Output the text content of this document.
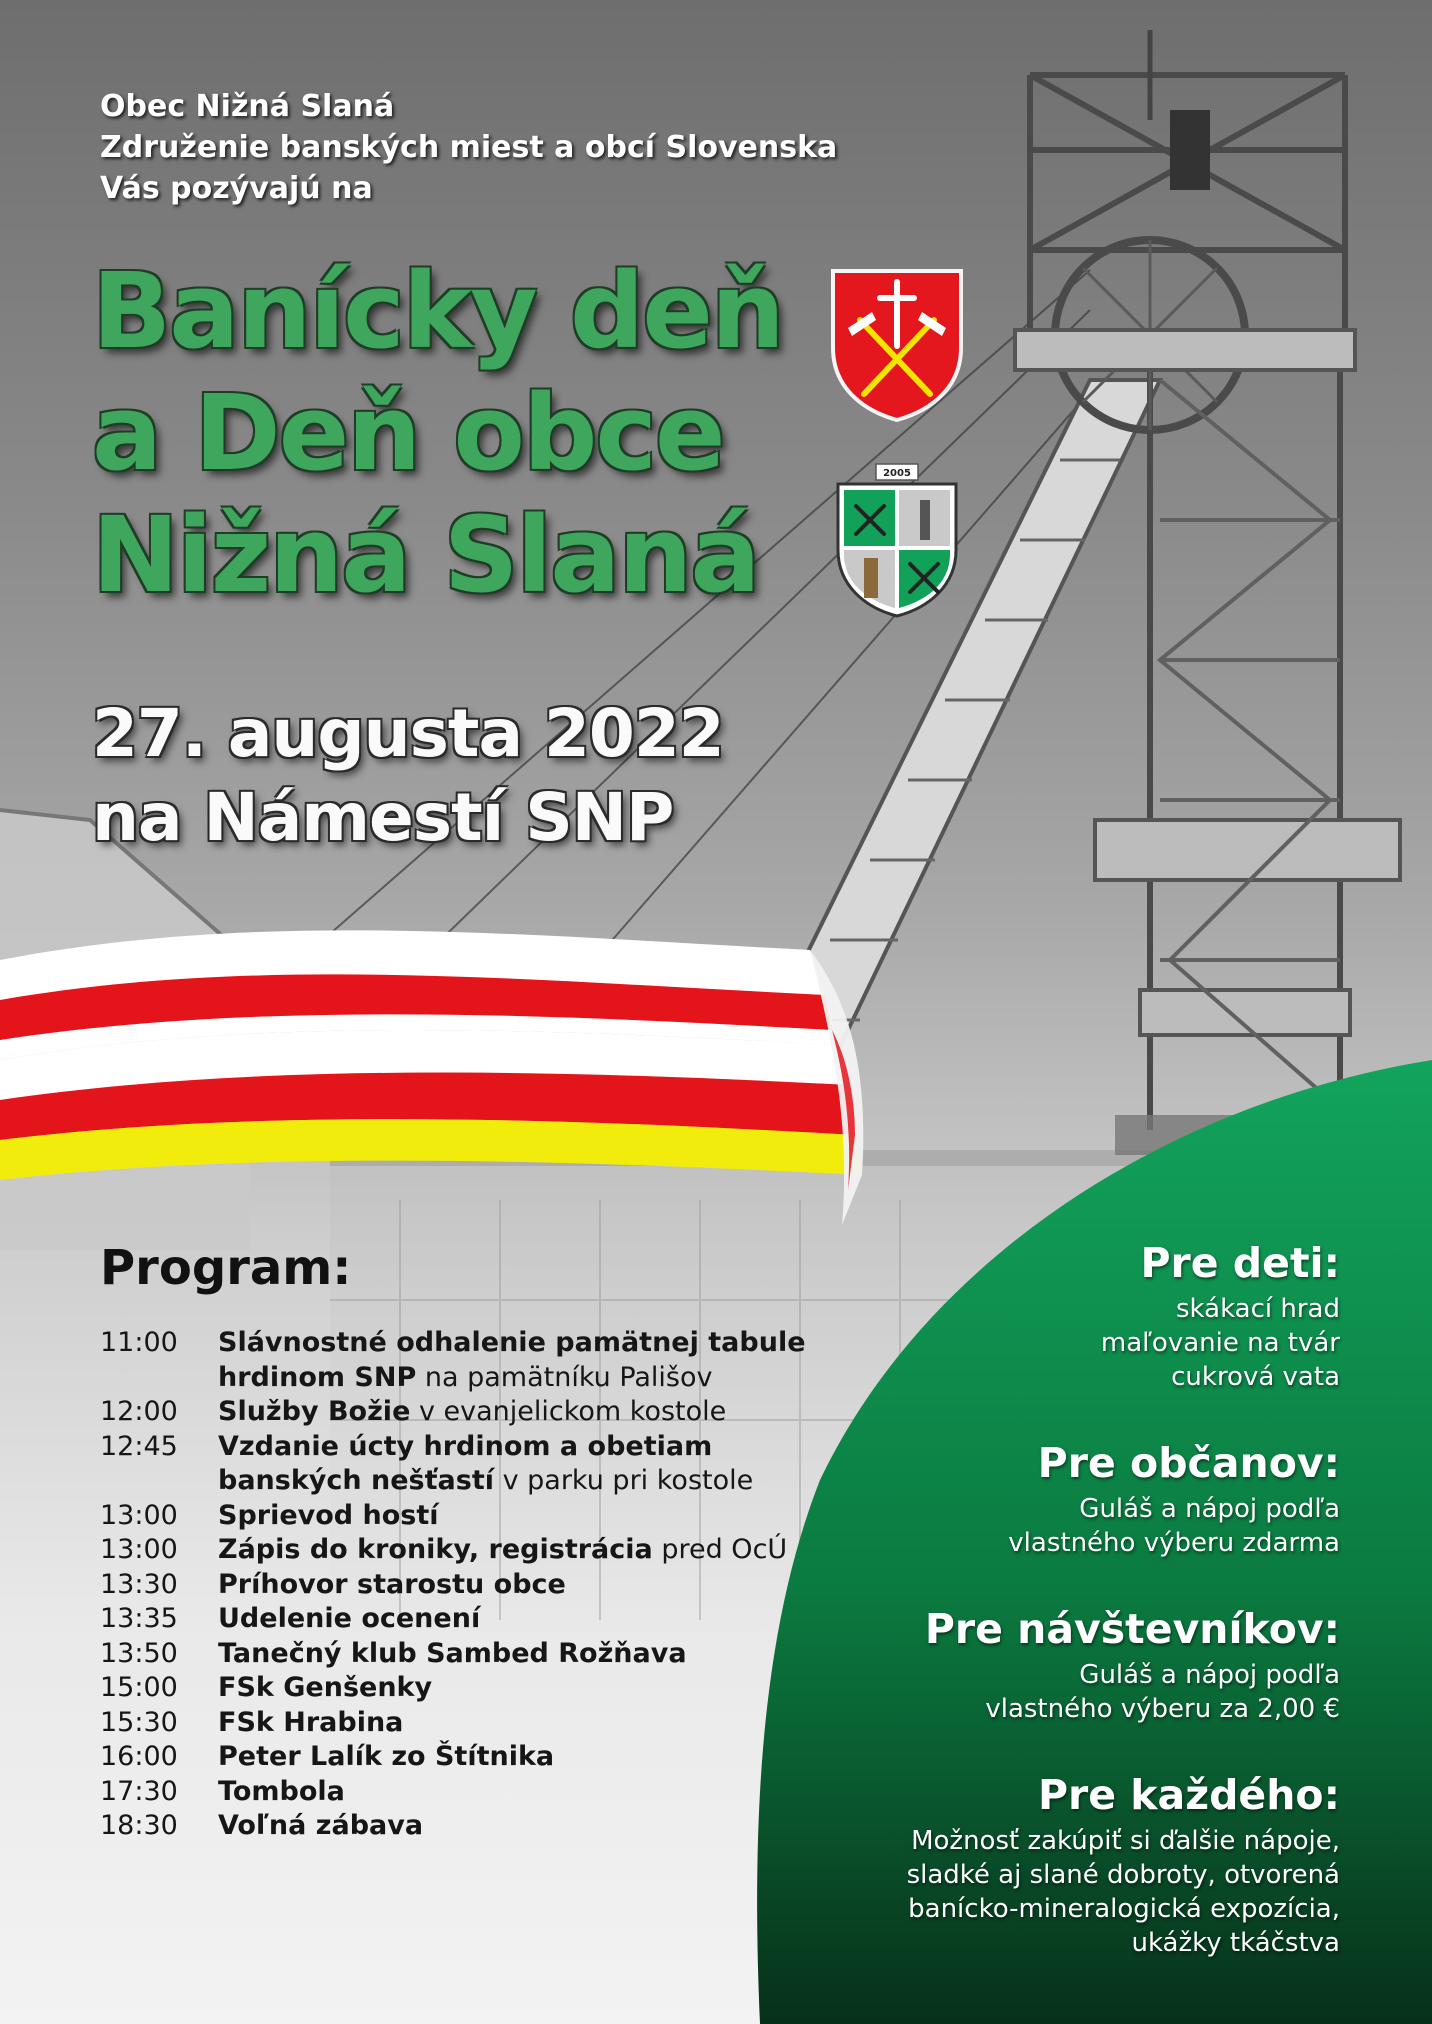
2005
Obec Nižná Slaná
Združenie banských miest a obcí Slovenska
Vás pozývajú na
Banícky deň
a Deň obce
Nižná Slaná
27. augusta 2022
na Námestí SNP
Program:
11:00	Slávnostné odhalenie pamätnej tabule
hrdinom SNP na pamätníku Pališov
12:00	Služby Božie v evanjelickom kostole
12:45	Vzdanie úcty hrdinom a obetiam
banských nešťastí v parku pri kostole
13:00	Sprievod hostí
13:00	Zápis do kroniky, registrácia pred OcÚ
13:30	Príhovor starostu obce
13:35	Udelenie ocenení
13:50	Tanečný klub Sambed Rožňava
15:00	FSk Genšenky
15:30	FSk Hrabina
16:00	Peter Lalík zo Štítnika
17:30	Tombola
18:30	Voľná zábava
Pre deti:

skákací hrad
maľovanie na tvár
cukrová vata

Pre občanov:

Guláš a nápoj podľa
vlastného výberu zdarma

Pre návštevníkov:

Guláš a nápoj podľa
vlastného výberu za 2,00 €

Pre každého:

Možnosť zakúpiť si ďalšie nápoje,
sladké aj slané dobroty, otvorená
banícko-mineralogická expozícia,
ukážky tkáčstva
